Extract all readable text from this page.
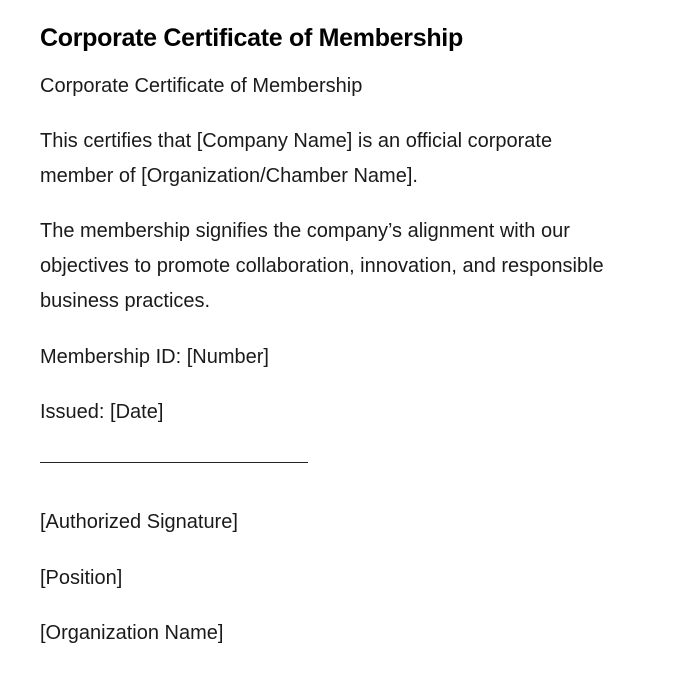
Corporate Certificate of Membership

Corporate Certificate of Membership

This certifies that [Company Name] is an official corporate member of [Organization/Chamber Name].

The membership signifies the company’s alignment with our objectives to promote collaboration, innovation, and responsible business practices.

Membership ID: [Number]

Issued: [Date]

[Authorized Signature]

[Position]

[Organization Name]
